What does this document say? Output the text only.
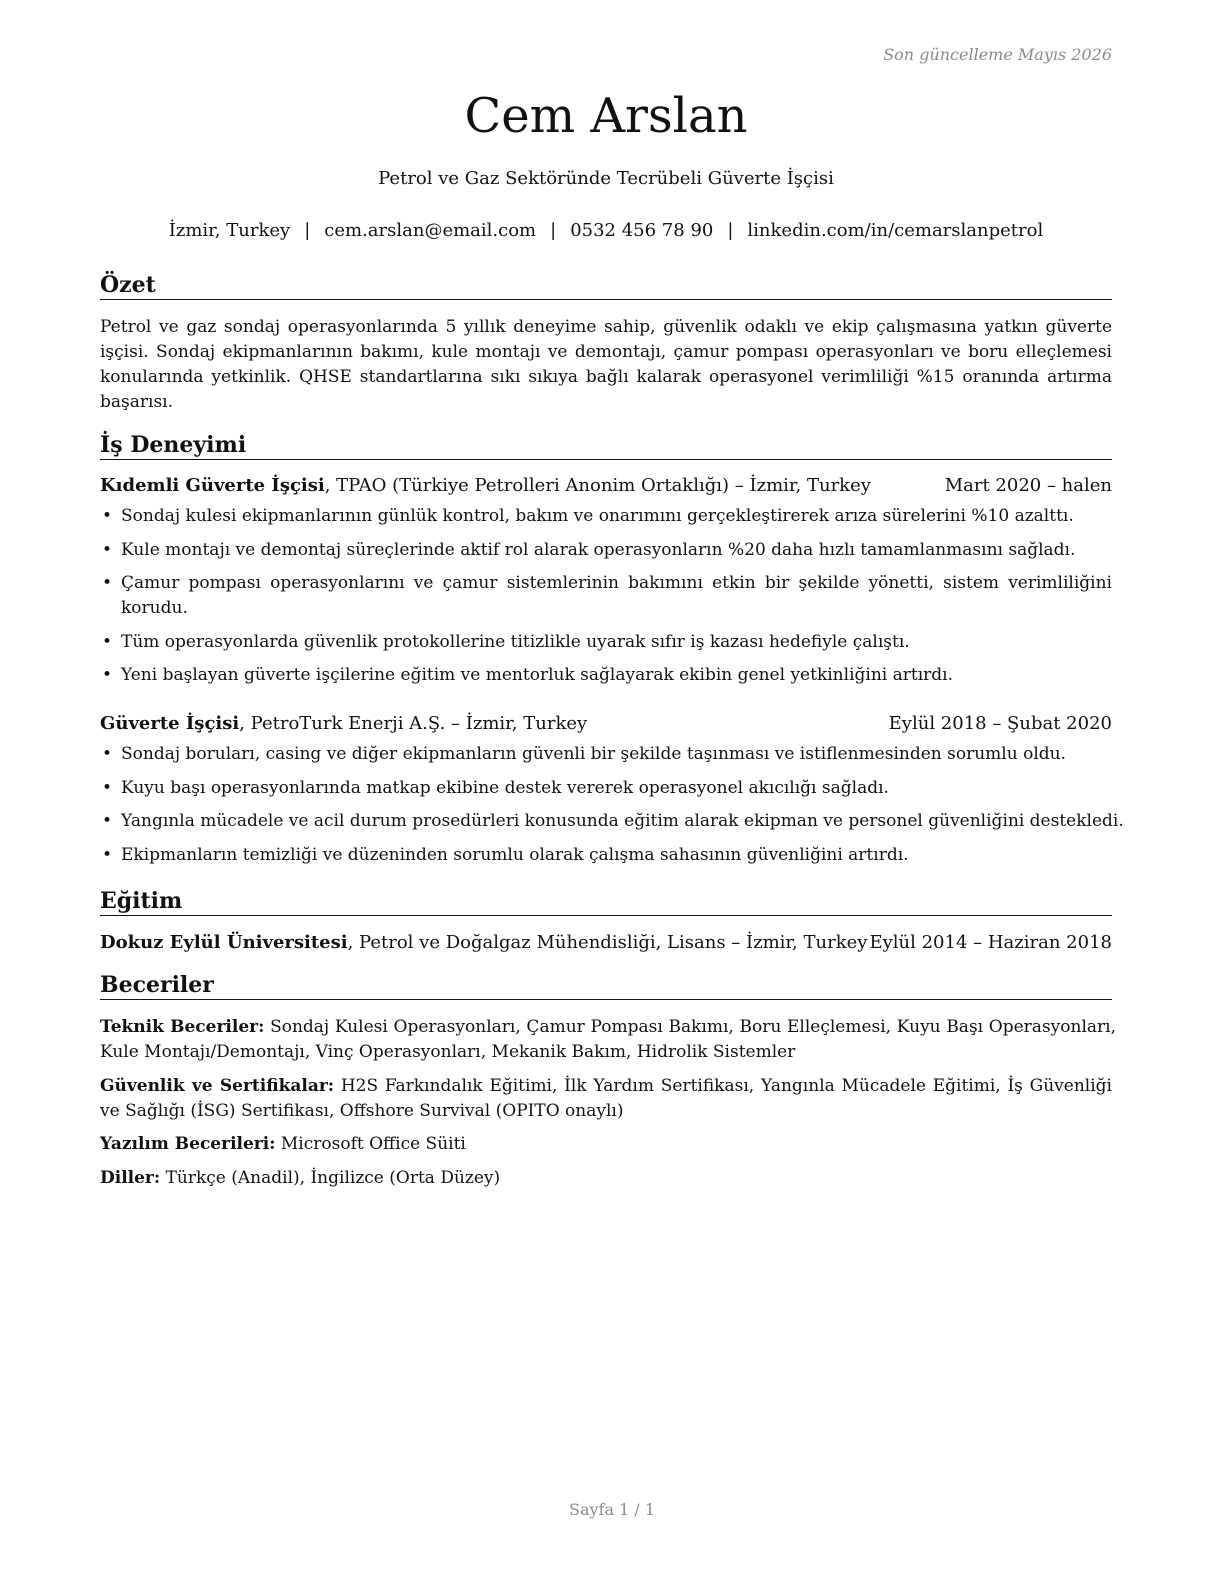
Son güncelleme Mayıs 2026
Cem Arslan
Petrol ve Gaz Sektöründe Tecrübeli Güverte İşçisi
İzmir, Turkey | cem.arslan@email.com | 0532 456 78 90 | linkedin.com/in/cemarslanpetrol
Özet

Petrol ve gaz sondaj operasyonlarında 5 yıllık deneyime sahip, güvenlik odaklı ve ekip çalışmasına yatkın güverte işçisi. Sondaj ekipmanlarının bakımı, kule montajı ve demontajı, çamur pompası operasyonları ve boru elleçlemesi konularında yetkinlik. QHSE standartlarına sıkı sıkıya bağlı kalarak operasyonel verimliliği %15 oranında artırma başarısı.

İş Deneyimi
Kıdemli Güverte İşçisi, TPAO (Türkiye Petrolleri Anonim Ortaklığı) – İzmir, Turkey	Mart 2020 – halen
• Sondaj kulesi ekipmanlarının günlük kontrol, bakım ve onarımını gerçekleştirerek arıza sürelerini %10 azalttı.
• Kule montajı ve demontaj süreçlerinde aktif rol alarak operasyonların %20 daha hızlı tamamlanmasını sağladı.
• Çamur pompası operasyonlarını ve çamur sistemlerinin bakımını etkin bir şekilde yönetti, sistem verimliliğini korudu.
• Tüm operasyonlarda güvenlik protokollerine titizlikle uyarak sıfır iş kazası hedefiyle çalıştı.
• Yeni başlayan güverte işçilerine eğitim ve mentorluk sağlayarak ekibin genel yetkinliğini artırdı.
Güverte İşçisi, PetroTurk Enerji A.Ş. – İzmir, Turkey	Eylül 2018 – Şubat 2020
• Sondaj boruları, casing ve diğer ekipmanların güvenli bir şekilde taşınması ve istiflenmesinden sorumlu oldu.
• Kuyu başı operasyonlarında matkap ekibine destek vererek operasyonel akıcılığı sağladı.
• Yangınla mücadele ve acil durum prosedürleri konusunda eğitim alarak ekipman ve personel güvenliğini destekledi.
• Ekipmanların temizliği ve düzeninden sorumlu olarak çalışma sahasının güvenliğini artırdı.
Eğitim
Dokuz Eylül Üniversitesi, Petrol ve Doğalgaz Mühendisliği, Lisans – İzmir, Turkey Eylül 2014 – Haziran 2018
Beceriler
Teknik Beceriler: Sondaj Kulesi Operasyonları, Çamur Pompası Bakımı, Boru Elleçlemesi, Kuyu Başı Operasyonları, Kule Montajı/Demontajı, Vinç Operasyonları, Mekanik Bakım, Hidrolik Sistemler
Güvenlik ve Sertifikalar: H2S Farkındalık Eğitimi, İlk Yardım Sertifikası, Yangınla Mücadele Eğitimi, İş Güvenliği ve Sağlığı (İSG) Sertifikası, Offshore Survival (OPITO onaylı)
Yazılım Becerileri: Microsoft Office Süiti
Diller: Türkçe (Anadil), İngilizce (Orta Düzey)
Sayfa 1 / 1
